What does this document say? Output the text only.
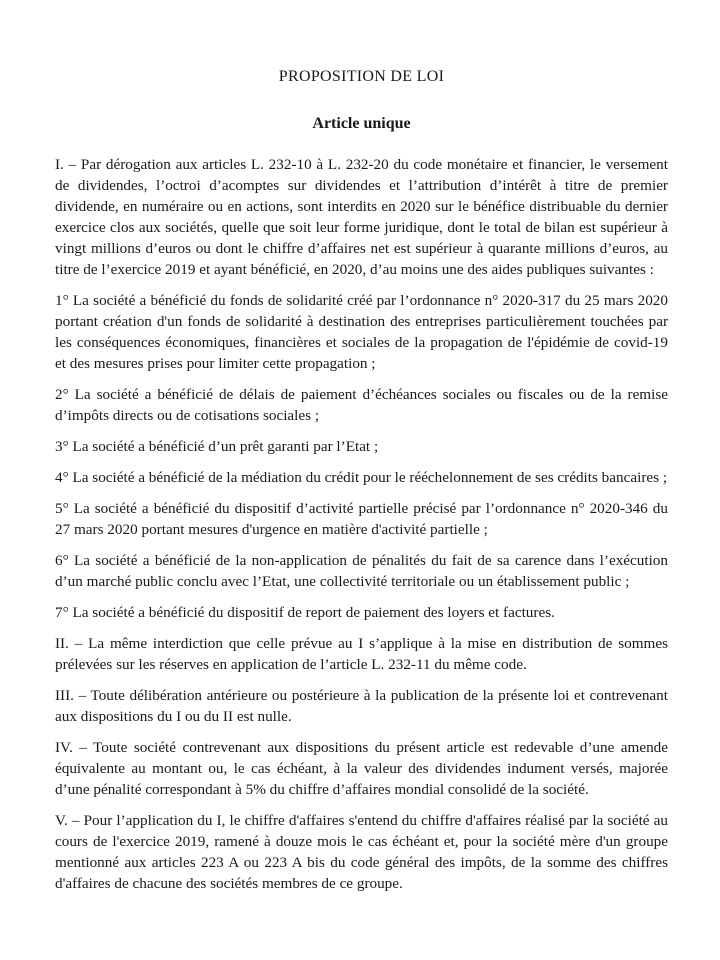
PROPOSITION DE LOI
Article unique

I. – Par dérogation aux articles L. 232-10 à L. 232-20 du code monétaire et financier, le versement de dividendes, l’octroi d’acomptes sur dividendes et l’attribution d’intérêt à titre de premier dividende, en numéraire ou en actions, sont interdits en 2020 sur le bénéfice distribuable du dernier exercice clos aux sociétés, quelle que soit leur forme juridique, dont le total de bilan est supérieur à vingt millions d’euros ou dont le chiffre d’affaires net est supérieur à quarante millions d’euros, au titre de l’exercice 2019 et ayant bénéficié, en 2020, d’au moins une des aides publiques suivantes :

1° La société a bénéficié du fonds de solidarité créé par l’ordonnance n° 2020-317 du 25 mars 2020 portant création d'un fonds de solidarité à destination des entreprises particulièrement touchées par les conséquences économiques, financières et sociales de la propagation de l'épidémie de covid-19 et des mesures prises pour limiter cette propagation ;

2° La société a bénéficié de délais de paiement d’échéances sociales ou fiscales ou de la remise d’impôts directs ou de cotisations sociales ;

3° La société a bénéficié d’un prêt garanti par l’Etat ;

4° La société a bénéficié de la médiation du crédit pour le rééchelonnement de ses crédits bancaires ;

5° La société a bénéficié du dispositif d’activité partielle précisé par l’ordonnance n° 2020-346 du 27 mars 2020 portant mesures d'urgence en matière d'activité partielle ;

6° La société a bénéficié de la non-application de pénalités du fait de sa carence dans l’exécution d’un marché public conclu avec l’Etat, une collectivité territoriale ou un établissement public ;

7° La société a bénéficié du dispositif de report de paiement des loyers et factures.

II. – La même interdiction que celle prévue au I s’applique à la mise en distribution de sommes prélevées sur les réserves en application de l’article L. 232-11 du même code.

III. – Toute délibération antérieure ou postérieure à la publication de la présente loi et contrevenant aux dispositions du I ou du II est nulle.

IV. – Toute société contrevenant aux dispositions du présent article est redevable d’une amende équivalente au montant ou, le cas échéant, à la valeur des dividendes indument versés, majorée d’une pénalité correspondant à 5% du chiffre d’affaires mondial consolidé de la société.

V. – Pour l’application du I, le chiffre d'affaires s'entend du chiffre d'affaires réalisé par la société au cours de l'exercice 2019, ramené à douze mois le cas échéant et, pour la société mère d'un groupe mentionné aux articles 223 A ou 223 A bis du code général des impôts, de la somme des chiffres d'affaires de chacune des sociétés membres de ce groupe.
